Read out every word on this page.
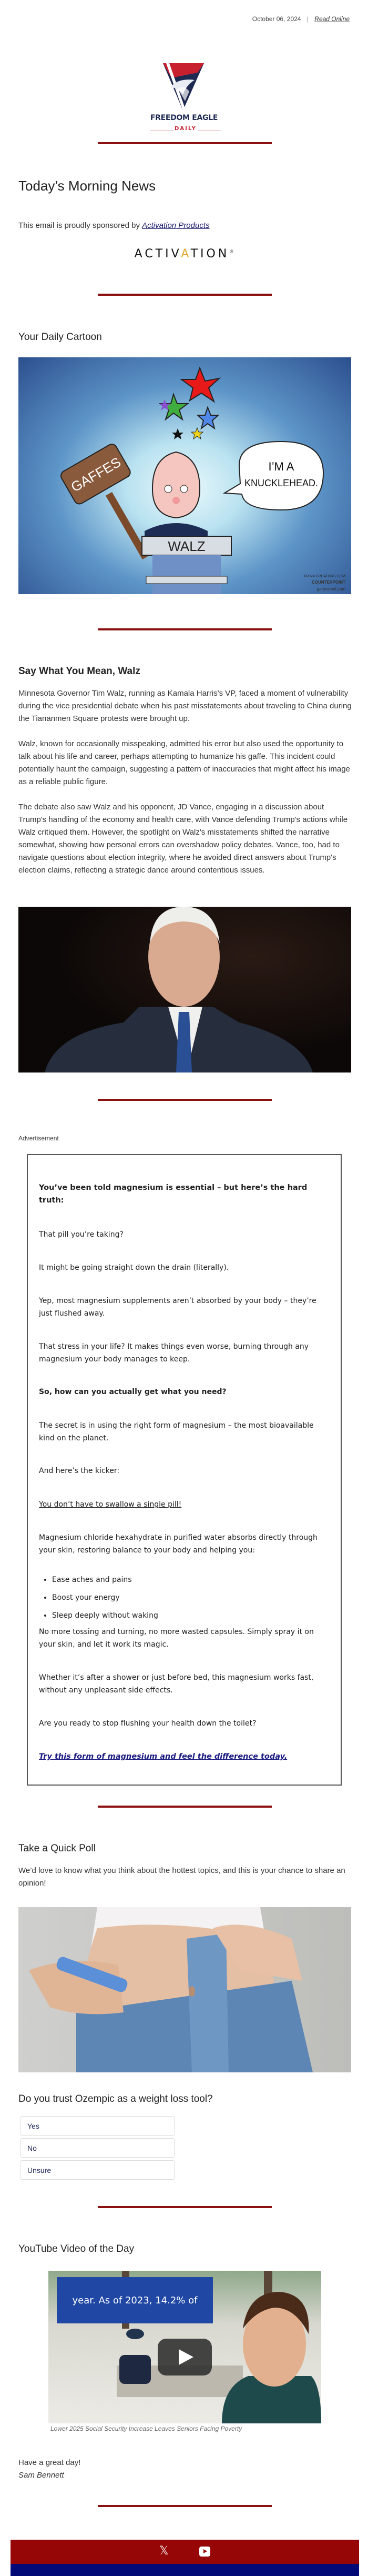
October 06, 2024 | Read Online
FREEDOM EAGLE
DAILY
Today’s Morning News

This email is proudly sponsored by Activation Products

ACTIVATION®
Your Daily Cartoon
GAFFES
WALZ
I’M A
KNUCKLEHEAD.
©2024 CREATORS.COM
COUNTERPOINT
garyvarvel.com
Say What You Mean, Walz

Minnesota Governor Tim Walz, running as Kamala Harris's VP, faced a moment of vulnerability during the vice presidential debate when his past misstatements about traveling to China during the Tiananmen Square protests were brought up.

Walz, known for occasionally misspeaking, admitted his error but also used the opportunity to talk about his life and career, perhaps attempting to humanize his gaffe. This incident could potentially haunt the campaign, suggesting a pattern of inaccuracies that might affect his image as a reliable public figure.

The debate also saw Walz and his opponent, JD Vance, engaging in a discussion about Trump's handling of the economy and health care, with Vance defending Trump's actions while Walz critiqued them. However, the spotlight on Walz's misstatements shifted the narrative somewhat, showing how personal errors can overshadow policy debates. Vance, too, had to navigate questions about election integrity, where he avoided direct answers about Trump's election claims, reflecting a strategic dance around contentious issues.

Advertisement

You’ve been told magnesium is essential – but here’s the hard truth:

That pill you’re taking?

It might be going straight down the drain (literally).

Yep, most magnesium supplements aren’t absorbed by your body – they’re just flushed away.

That stress in your life? It makes things even worse, burning through any magnesium your body manages to keep.

So, how can you actually get what you need?

The secret is in using the right form of magnesium – the most bioavailable kind on the planet.

And here’s the kicker:

You don’t have to swallow a single pill!

Magnesium chloride hexahydrate in purified water absorbs directly through your skin, restoring balance to your body and helping you:

• Ease aches and pains
• Boost your energy
• Sleep deeply without waking

No more tossing and turning, no more wasted capsules. Simply spray it on your skin, and let it work its magic.

Whether it’s after a shower or just before bed, this magnesium works fast, without any unpleasant side effects.

Are you ready to stop flushing your health down the toilet?

Try this form of magnesium and feel the difference today.
Take a Quick Poll

We’d love to know what you think about the hottest topics, and this is your chance to share an opinion!

Do you trust Ozempic as a weight loss tool?
Yes
No
Unsure
YouTube Video of the Day
year. As of 2023, 14.2% of
Lower 2025 Social Security Increase Leaves Seniors Facing Poverty
Have a great day!
Sam Bennett
𝕏
